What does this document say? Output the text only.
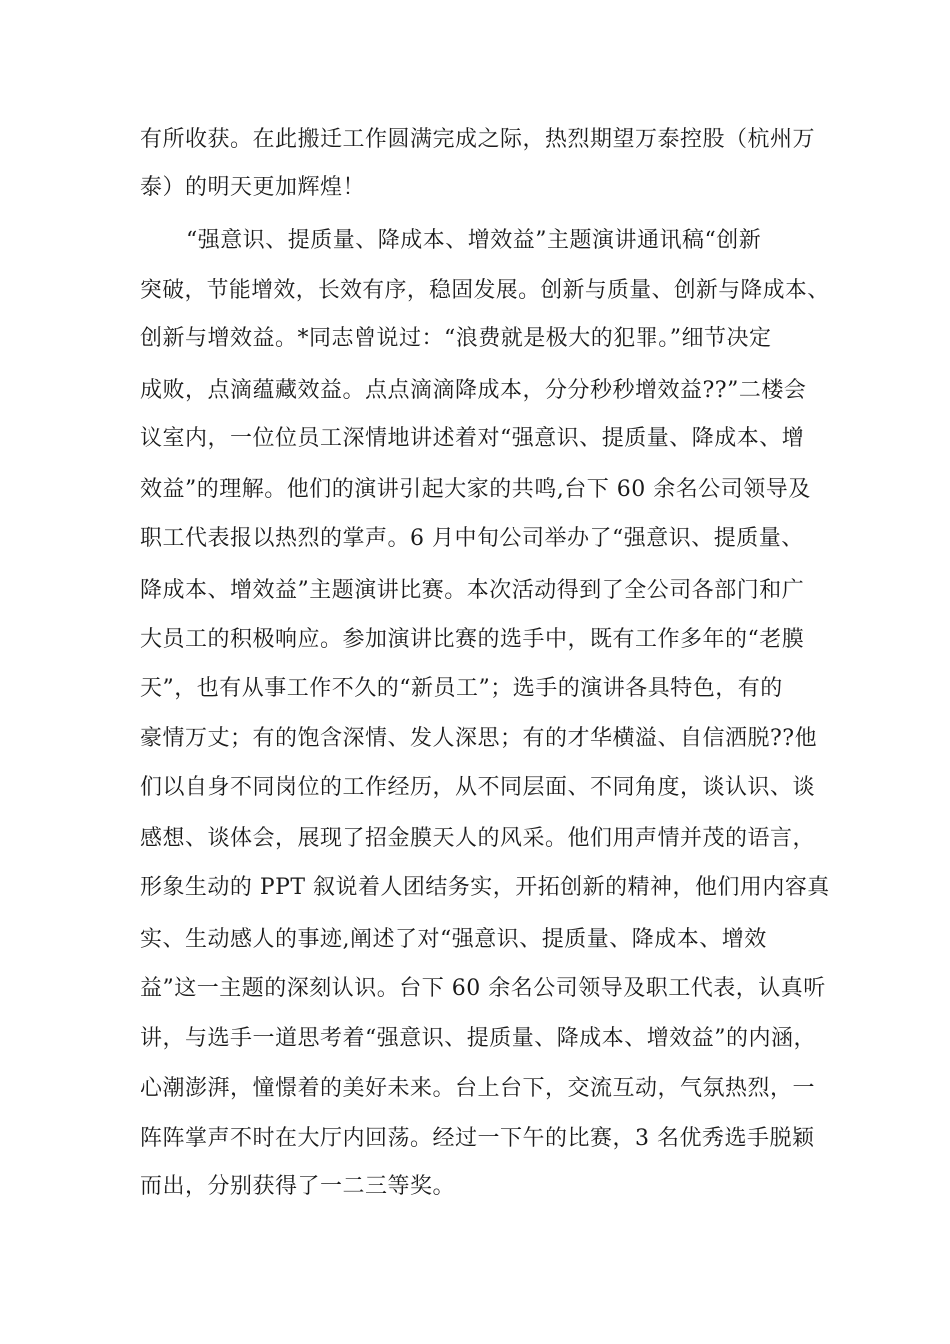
有所收获。在此搬迁工作圆满完成之际，热烈期望万泰控股（杭州万

泰）的明天更加辉煌！

“强意识、提质量、降成本、增效益”主题演讲通讯稿“创新

突破，节能增效，长效有序，稳固发展。创新与质量、创新与降成本、

创新与增效益。*同志曾说过：“浪费就是极大的犯罪。”细节决定

成败，点滴蕴藏效益。点点滴滴降成本，分分秒秒增效益??”二楼会

议室内，一位位员工深情地讲述着对“强意识、提质量、降成本、增

效益”的理解。他们的演讲引起大家的共鸣,台下 60 余名公司领导及

职工代表报以热烈的掌声。6 月中旬公司举办了“强意识、提质量、

降成本、增效益”主题演讲比赛。本次活动得到了全公司各部门和广

大员工的积极响应。参加演讲比赛的选手中，既有工作多年的“老膜

天”，也有从事工作不久的“新员工”；选手的演讲各具特色，有的

豪情万丈；有的饱含深情、发人深思；有的才华横溢、自信洒脱??他

们以自身不同岗位的工作经历，从不同层面、不同角度，谈认识、谈

感想、谈体会，展现了招金膜天人的风采。他们用声情并茂的语言，

形象生动的 PPT 叙说着人团结务实，开拓创新的精神，他们用内容真

实、生动感人的事迹,阐述了对“强意识、提质量、降成本、增效

益”这一主题的深刻认识。台下 60 余名公司领导及职工代表，认真听

讲，与选手一道思考着“强意识、提质量、降成本、增效益”的内涵，

心潮澎湃，憧憬着的美好未来。台上台下，交流互动，气氛热烈，一

阵阵掌声不时在大厅内回荡。经过一下午的比赛，3 名优秀选手脱颖

而出，分别获得了一二三等奖。
